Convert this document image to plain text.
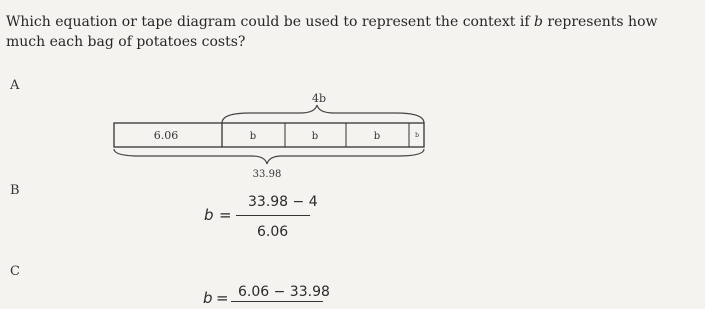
Which equation or tape diagram could be used to represent the context if b represents how much each bag of potatoes costs?
A
4b
6.06	b	b	b	b
33.98
B
b =
33.98 − 4
6.06
C
b = 6.06 − 33.98
